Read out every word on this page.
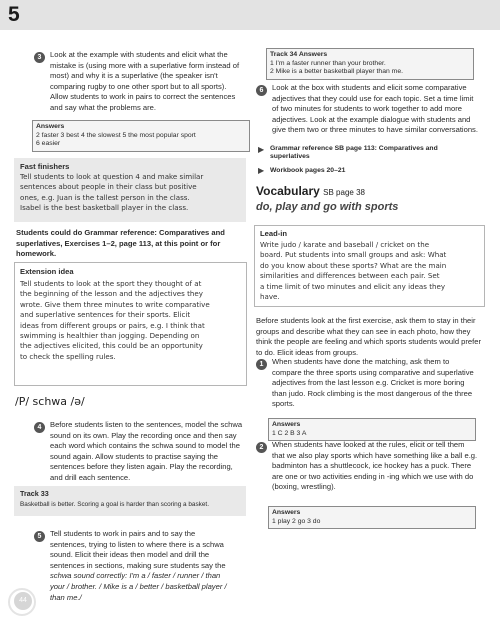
5
3	Look at the example with students and elicit what the mistake is (using more with a superlative form instead of most) and why it is a superlative (the speaker isn't comparing rugby to one other sport but to all sports). Allow students to work in pairs to correct the sentences and say what the problems are.
Answers
2 faster 3 best 4 the slowest 5 the most popular sport
6 easier
Fast finishers
Tell students to look at question 4 and make similar
sentences about people in their class but positive
ones, e.g. Juan is the tallest person in the class.
Isabel is the best basketball player in the class.
Students could do Grammar reference: Comparatives and superlatives, Exercises 1–2, page 113, at this point or for homework.
Extension idea
Tell students to look at the sport they thought of at
the beginning of the lesson and the adjectives they
wrote. Give them three minutes to write comparative
and superlative sentences for their sports. Elicit
ideas from different groups or pairs, e.g. I think that
swimming is healthier than jogging. Depending on
the adjectives elicited, this could be an opportunity
to check the spelling rules.
/P/ schwa /ə/
4	Before students listen to the sentences, model the schwa sound on its own. Play the recording once and then say each word which contains the schwa sound to model the sound again. Allow students to practise saying the sentences before they listen again. Play the recording, and drill each sentence.
Track 33
Basketball is better. Scoring a goal is harder than scoring a basket.
5	Tell students to work in pairs and to say the
sentences, trying to listen to where there is a schwa
sound. Elicit their ideas then model and drill the
sentences in sections, making sure students say the
schwa sound correctly: I'm a / faster / runner / than
your / brother. / Mike is a / better / basketball player /
than me./
44
Track 34 Answers
1 I'm a faster runner than your brother.
2 Mike is a better basketball player than me.
6	Look at the box with students and elicit some comparative adjectives that they could use for each topic. Set a time limit of two minutes for students to work together to add more adjectives. Look at the example dialogue with students and give them two or three minutes to have similar conversations.
▶ Grammar reference SB page 113: Comparatives and
superlatives
▶ Workbook pages 20–21
Vocabulary SB page 38
do, play and go with sports
Lead-in
Write judo / karate and baseball / cricket on the
board. Put students into small groups and ask: What
do you know about these sports? What are the main
similarities and differences between each pair. Set
a time limit of two minutes and elicit any ideas they
have.
Before students look at the first exercise, ask them to stay in their groups and describe what they can see in each photo, how they think the people are feeling and which sports students would prefer to do. Elicit ideas from groups.
1	When students have done the matching, ask them to compare the three sports using comparative and superlative adjectives from the last lesson e.g. Cricket is more boring than judo. Rock climbing is the most dangerous of the three sports.
Answers
1 C 2 B 3 A
2	When students have looked at the rules, elicit or tell them that we also play sports which have something like a ball e.g. badminton has a shuttlecock, ice hockey has a puck. There are one or two activities ending in -ing which we use with do (boxing, wrestling).
Answers
1 play 2 go 3 do
